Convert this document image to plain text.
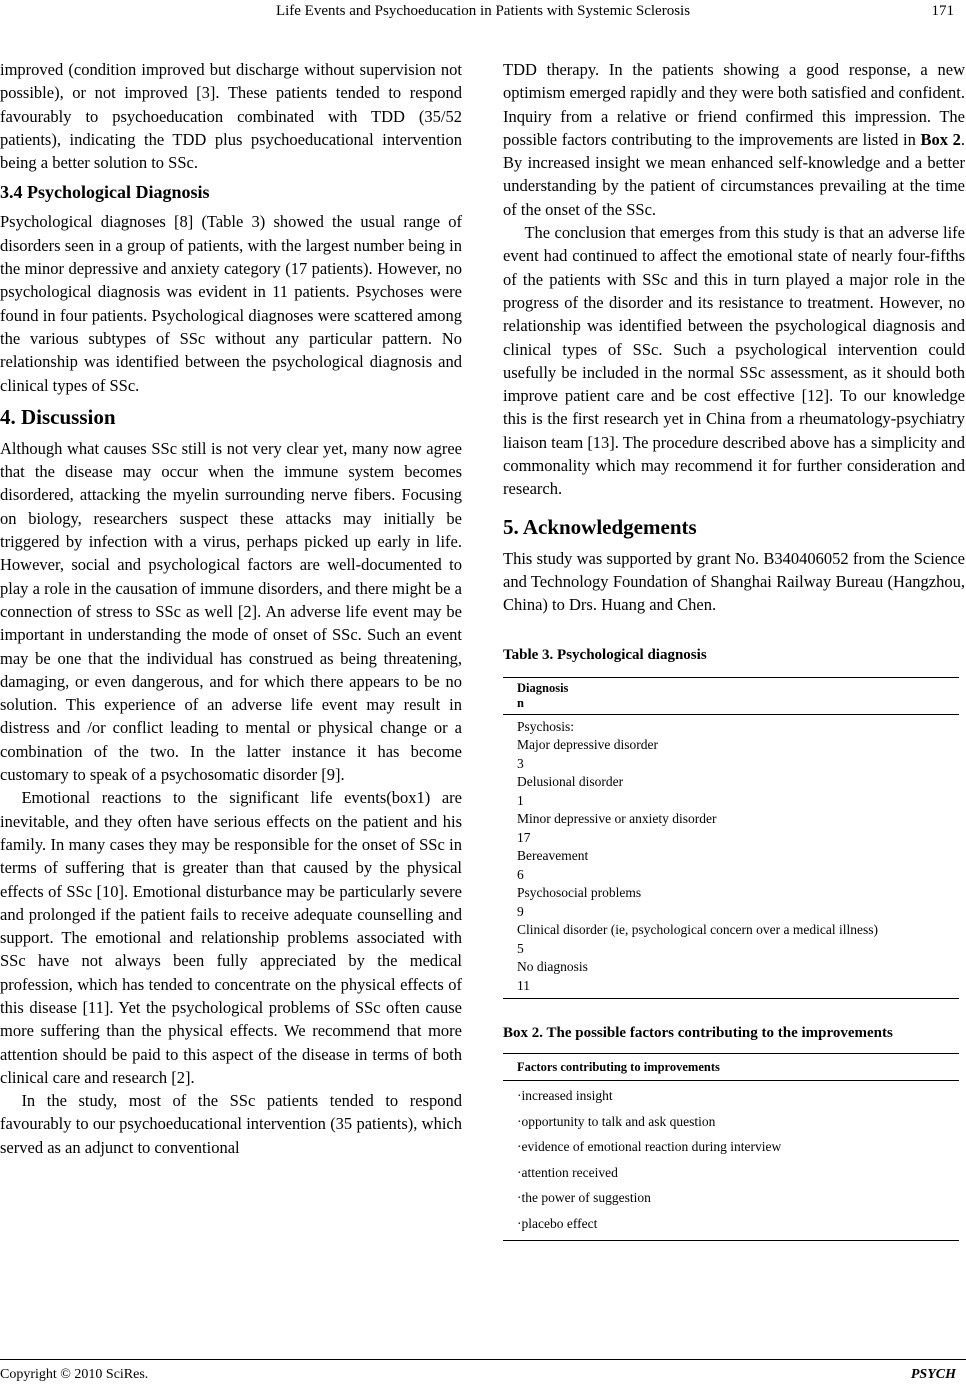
Life Events and Psychoeducation in Patients with Systemic Sclerosis	171

improved (condition improved but discharge without supervision not possible), or not improved [3]. These patients tended to respond favourably to psychoeducation combinated with TDD (35/52 patients), indicating the TDD plus psychoeducational intervention being a better solution to SSc.

3.4 Psychological Diagnosis

Psychological diagnoses [8] (Table 3) showed the usual range of disorders seen in a group of patients, with the largest number being in the minor depressive and anxiety category (17 patients). However, no psychological diagnosis was evident in 11 patients. Psychoses were found in four patients. Psychological diagnoses were scattered among the various subtypes of SSc without any particular pattern. No relationship was identified between the psychological diagnosis and clinical types of SSc.

4. Discussion

Although what causes SSc still is not very clear yet, many now agree that the disease may occur when the immune system becomes disordered, attacking the myelin surrounding nerve fibers. Focusing on biology, researchers suspect these attacks may initially be triggered by infection with a virus, perhaps picked up early in life. However, social and psychological factors are well-documented to play a role in the causation of immune disorders, and there might be a connection of stress to SSc as well [2]. An adverse life event may be important in understanding the mode of onset of SSc. Such an event may be one that the individual has construed as being threatening, damaging, or even dangerous, and for which there appears to be no solution. This experience of an adverse life event may result in distress and /or conflict leading to mental or physical change or a combination of the two. In the latter instance it has become customary to speak of a psychosomatic disorder [9].

Emotional reactions to the significant life events(box1) are inevitable, and they often have serious effects on the patient and his family. In many cases they may be responsible for the onset of SSc in terms of suffering that is greater than that caused by the physical effects of SSc [10]. Emotional disturbance may be particularly severe and prolonged if the patient fails to receive adequate counselling and support. The emotional and relationship problems associated with SSc have not always been fully appreciated by the medical profession, which has tended to concentrate on the physical effects of this disease [11]. Yet the psychological problems of SSc often cause more suffering than the physical effects. We recommend that more attention should be paid to this aspect of the disease in terms of both clinical care and research [2].

In the study, most of the SSc patients tended to respond favourably to our psychoeducational intervention (35 patients), which served as an adjunct to conventional

TDD therapy. In the patients showing a good response, a new optimism emerged rapidly and they were both satisfied and confident. Inquiry from a relative or friend confirmed this impression. The possible factors contributing to the improvements are listed in Box 2. By increased insight we mean enhanced self-knowledge and a better understanding by the patient of circumstances prevailing at the time of the onset of the SSc.

The conclusion that emerges from this study is that an adverse life event had continued to affect the emotional state of nearly four-fifths of the patients with SSc and this in turn played a major role in the progress of the disorder and its resistance to treatment. However, no relationship was identified between the psychological diagnosis and clinical types of SSc. Such a psychological intervention could usefully be included in the normal SSc assessment, as it should both improve patient care and be cost effective [12]. To our knowledge this is the first research yet in China from a rheumatology-psychiatry liaison team [13]. The procedure described above has a simplicity and commonality which may recommend it for further consideration and research.

5. Acknowledgements

This study was supported by grant No. B340406052 from the Science and Technology Foundation of Shanghai Railway Bureau (Hangzhou, China) to Drs. Huang and Chen.

Table 3. Psychological diagnosis

Diagnosis
n
Psychosis:
Major depressive disorder
3
Delusional disorder
1
Minor depressive or anxiety disorder
17
Bereavement
6
Psychosocial problems
9
Clinical disorder (ie, psychological concern over a medical illness)
5
No diagnosis
11

Box 2. The possible factors contributing to the improvements

Factors contributing to improvements
·increased insight
·opportunity to talk and ask question
·evidence of emotional reaction during interview
·attention received
·the power of suggestion
·placebo effect
Copyright © 2010 SciRes.	PSYCH
